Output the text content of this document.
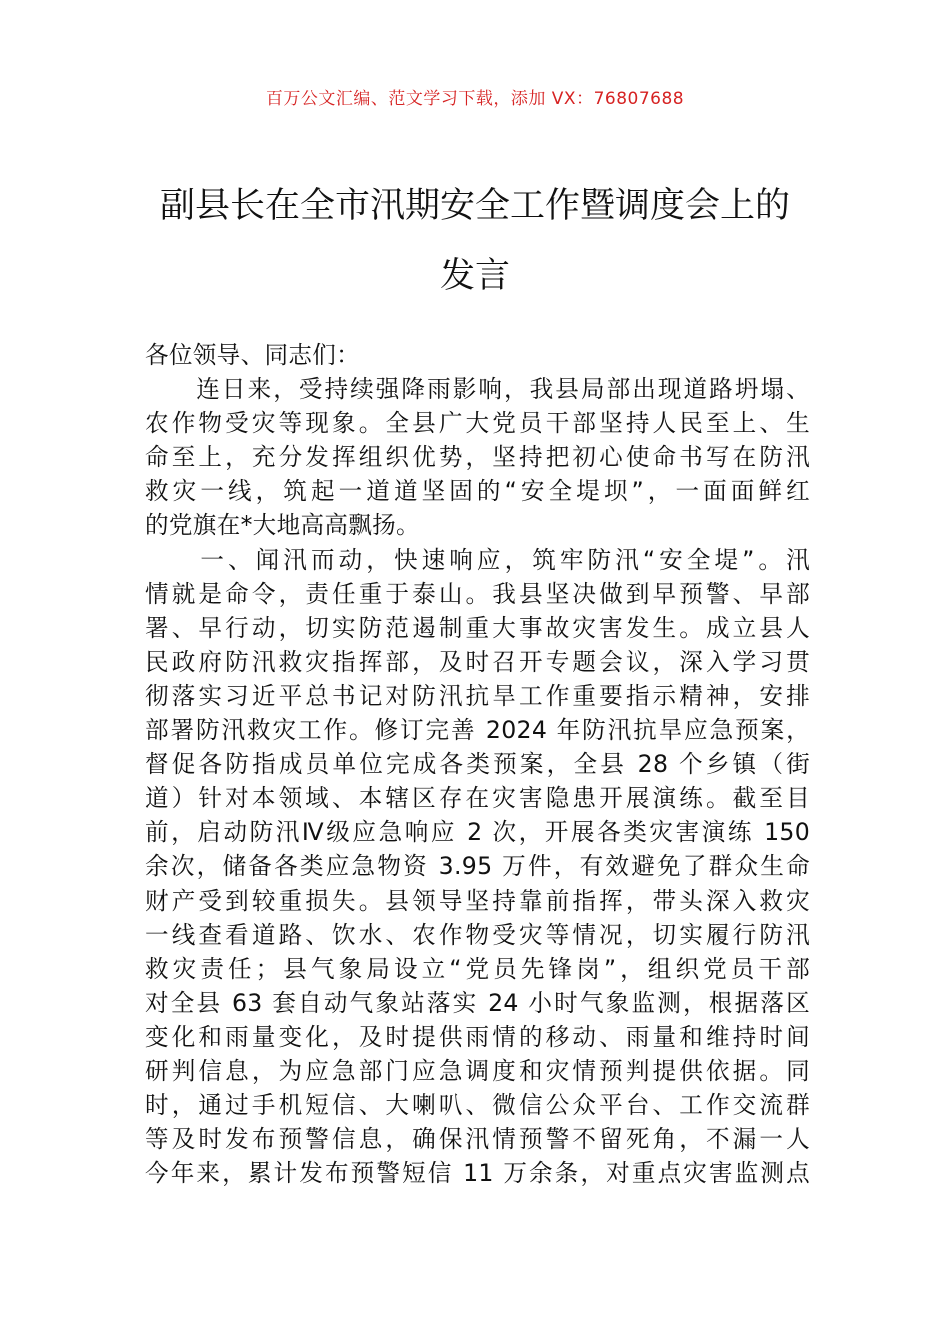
百万公文汇编、范文学习下载，添加 VX：76807688
副县长在全市汛期安全工作暨调度会上的
发言
各位领导、同志们：
　　连日来，受持续强降雨影响，我县局部出现道路坍塌、
农作物受灾等现象。全县广大党员干部坚持人民至上、生
命至上，充分发挥组织优势，坚持把初心使命书写在防汛
救灾一线，筑起一道道坚固的“安全堤坝”，一面面鲜红
的党旗在*大地高高飘扬。
　　一、闻汛而动，快速响应，筑牢防汛“安全堤”。汛
情就是命令，责任重于泰山。我县坚决做到早预警、早部
署、早行动，切实防范遏制重大事故灾害发生。成立县人
民政府防汛救灾指挥部，及时召开专题会议，深入学习贯
彻落实习近平总书记对防汛抗旱工作重要指示精神，安排
部署防汛救灾工作。修订完善 2024 年防汛抗旱应急预案，
督促各防指成员单位完成各类预案，全县 28 个乡镇（街
道）针对本领域、本辖区存在灾害隐患开展演练。截至目
前，启动防汛Ⅳ级应急响应 2 次，开展各类灾害演练 150
余次，储备各类应急物资 3.95 万件，有效避免了群众生命
财产受到较重损失。县领导坚持靠前指挥，带头深入救灾
一线查看道路、饮水、农作物受灾等情况，切实履行防汛
救灾责任；县气象局设立“党员先锋岗”，组织党员干部
对全县 63 套自动气象站落实 24 小时气象监测，根据落区
变化和雨量变化，及时提供雨情的移动、雨量和维持时间
研判信息，为应急部门应急调度和灾情预判提供依据。同
时，通过手机短信、大喇叭、微信公众平台、工作交流群
等及时发布预警信息，确保汛情预警不留死角，不漏一人
今年来，累计发布预警短信 11 万余条，对重点灾害监测点
